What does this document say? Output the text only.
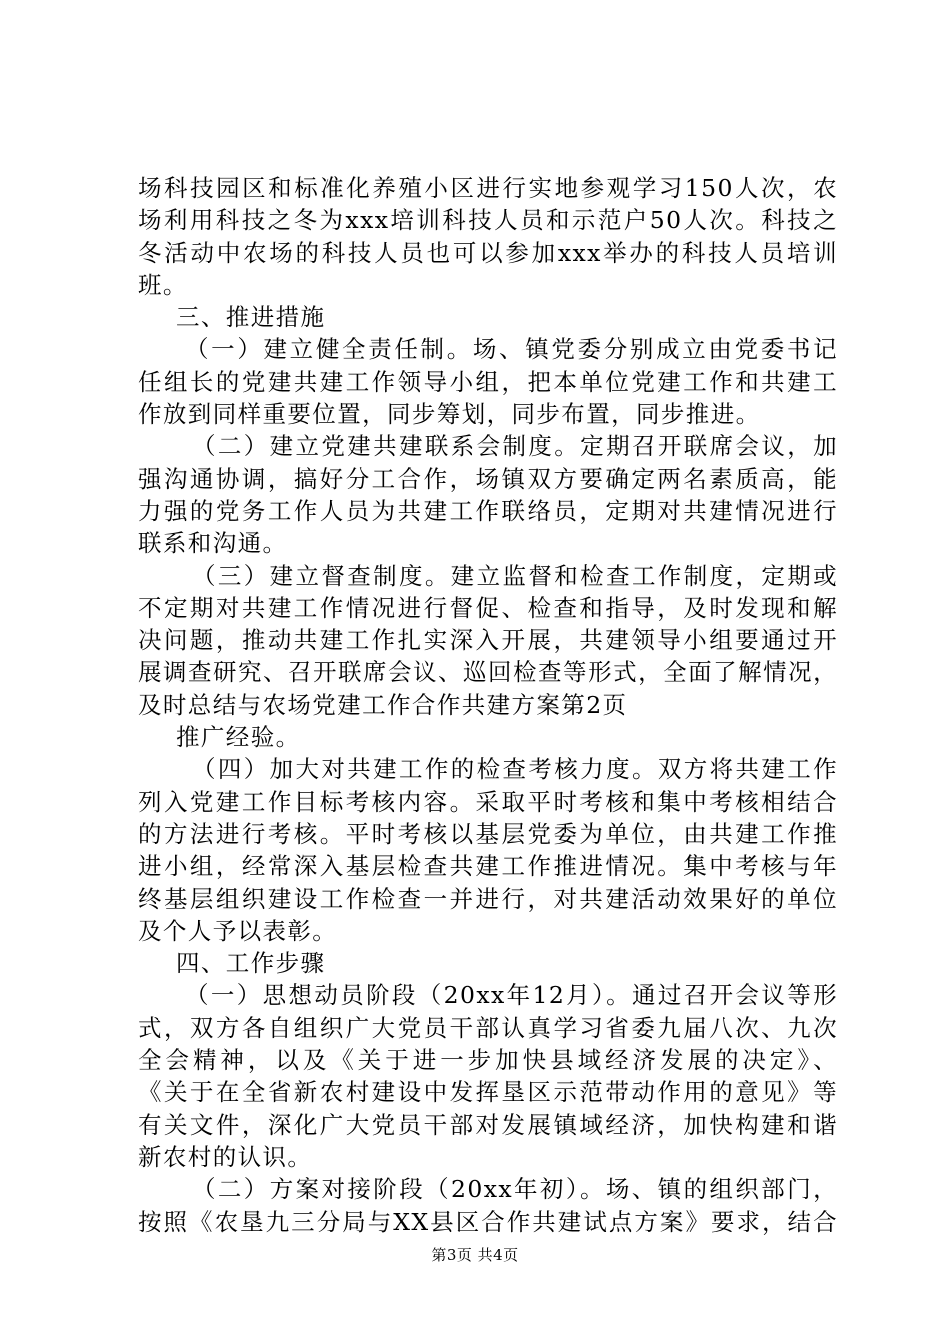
场科技园区和标准化养殖小区进行实地参观学习150人次，农
场利用科技之冬为xxx培训科技人员和示范户50人次。科技之
冬活动中农场的科技人员也可以参加xxx举办的科技人员培训
班。
三、推进措施
（一）建立健全责任制。场、镇党委分别成立由党委书记
任组长的党建共建工作领导小组，把本单位党建工作和共建工
作放到同样重要位置，同步筹划，同步布置，同步推进。
（二）建立党建共建联系会制度。定期召开联席会议，加
强沟通协调，搞好分工合作，场镇双方要确定两名素质高，能
力强的党务工作人员为共建工作联络员，定期对共建情况进行
联系和沟通。
（三）建立督查制度。建立监督和检查工作制度，定期或
不定期对共建工作情况进行督促、检查和指导，及时发现和解
决问题，推动共建工作扎实深入开展，共建领导小组要通过开
展调查研究、召开联席会议、巡回检查等形式，全面了解情况，
及时总结与农场党建工作合作共建方案第2页
推广经验。
（四）加大对共建工作的检查考核力度。双方将共建工作
列入党建工作目标考核内容。采取平时考核和集中考核相结合
的方法进行考核。平时考核以基层党委为单位，由共建工作推
进小组，经常深入基层检查共建工作推进情况。集中考核与年
终基层组织建设工作检查一并进行，对共建活动效果好的单位
及个人予以表彰。
四、工作步骤
（一）思想动员阶段（20xx年12月）。通过召开会议等形
式，双方各自组织广大党员干部认真学习省委九届八次、九次
全会精神，以及《关于进一步加快县域经济发展的决定》、
《关于在全省新农村建设中发挥垦区示范带动作用的意见》等
有关文件，深化广大党员干部对发展镇域经济，加快构建和谐
新农村的认识。
（二）方案对接阶段（20xx年初）。场、镇的组织部门，
按照《农垦九三分局与XX县区合作共建试点方案》要求，结合
第3页 共4页
